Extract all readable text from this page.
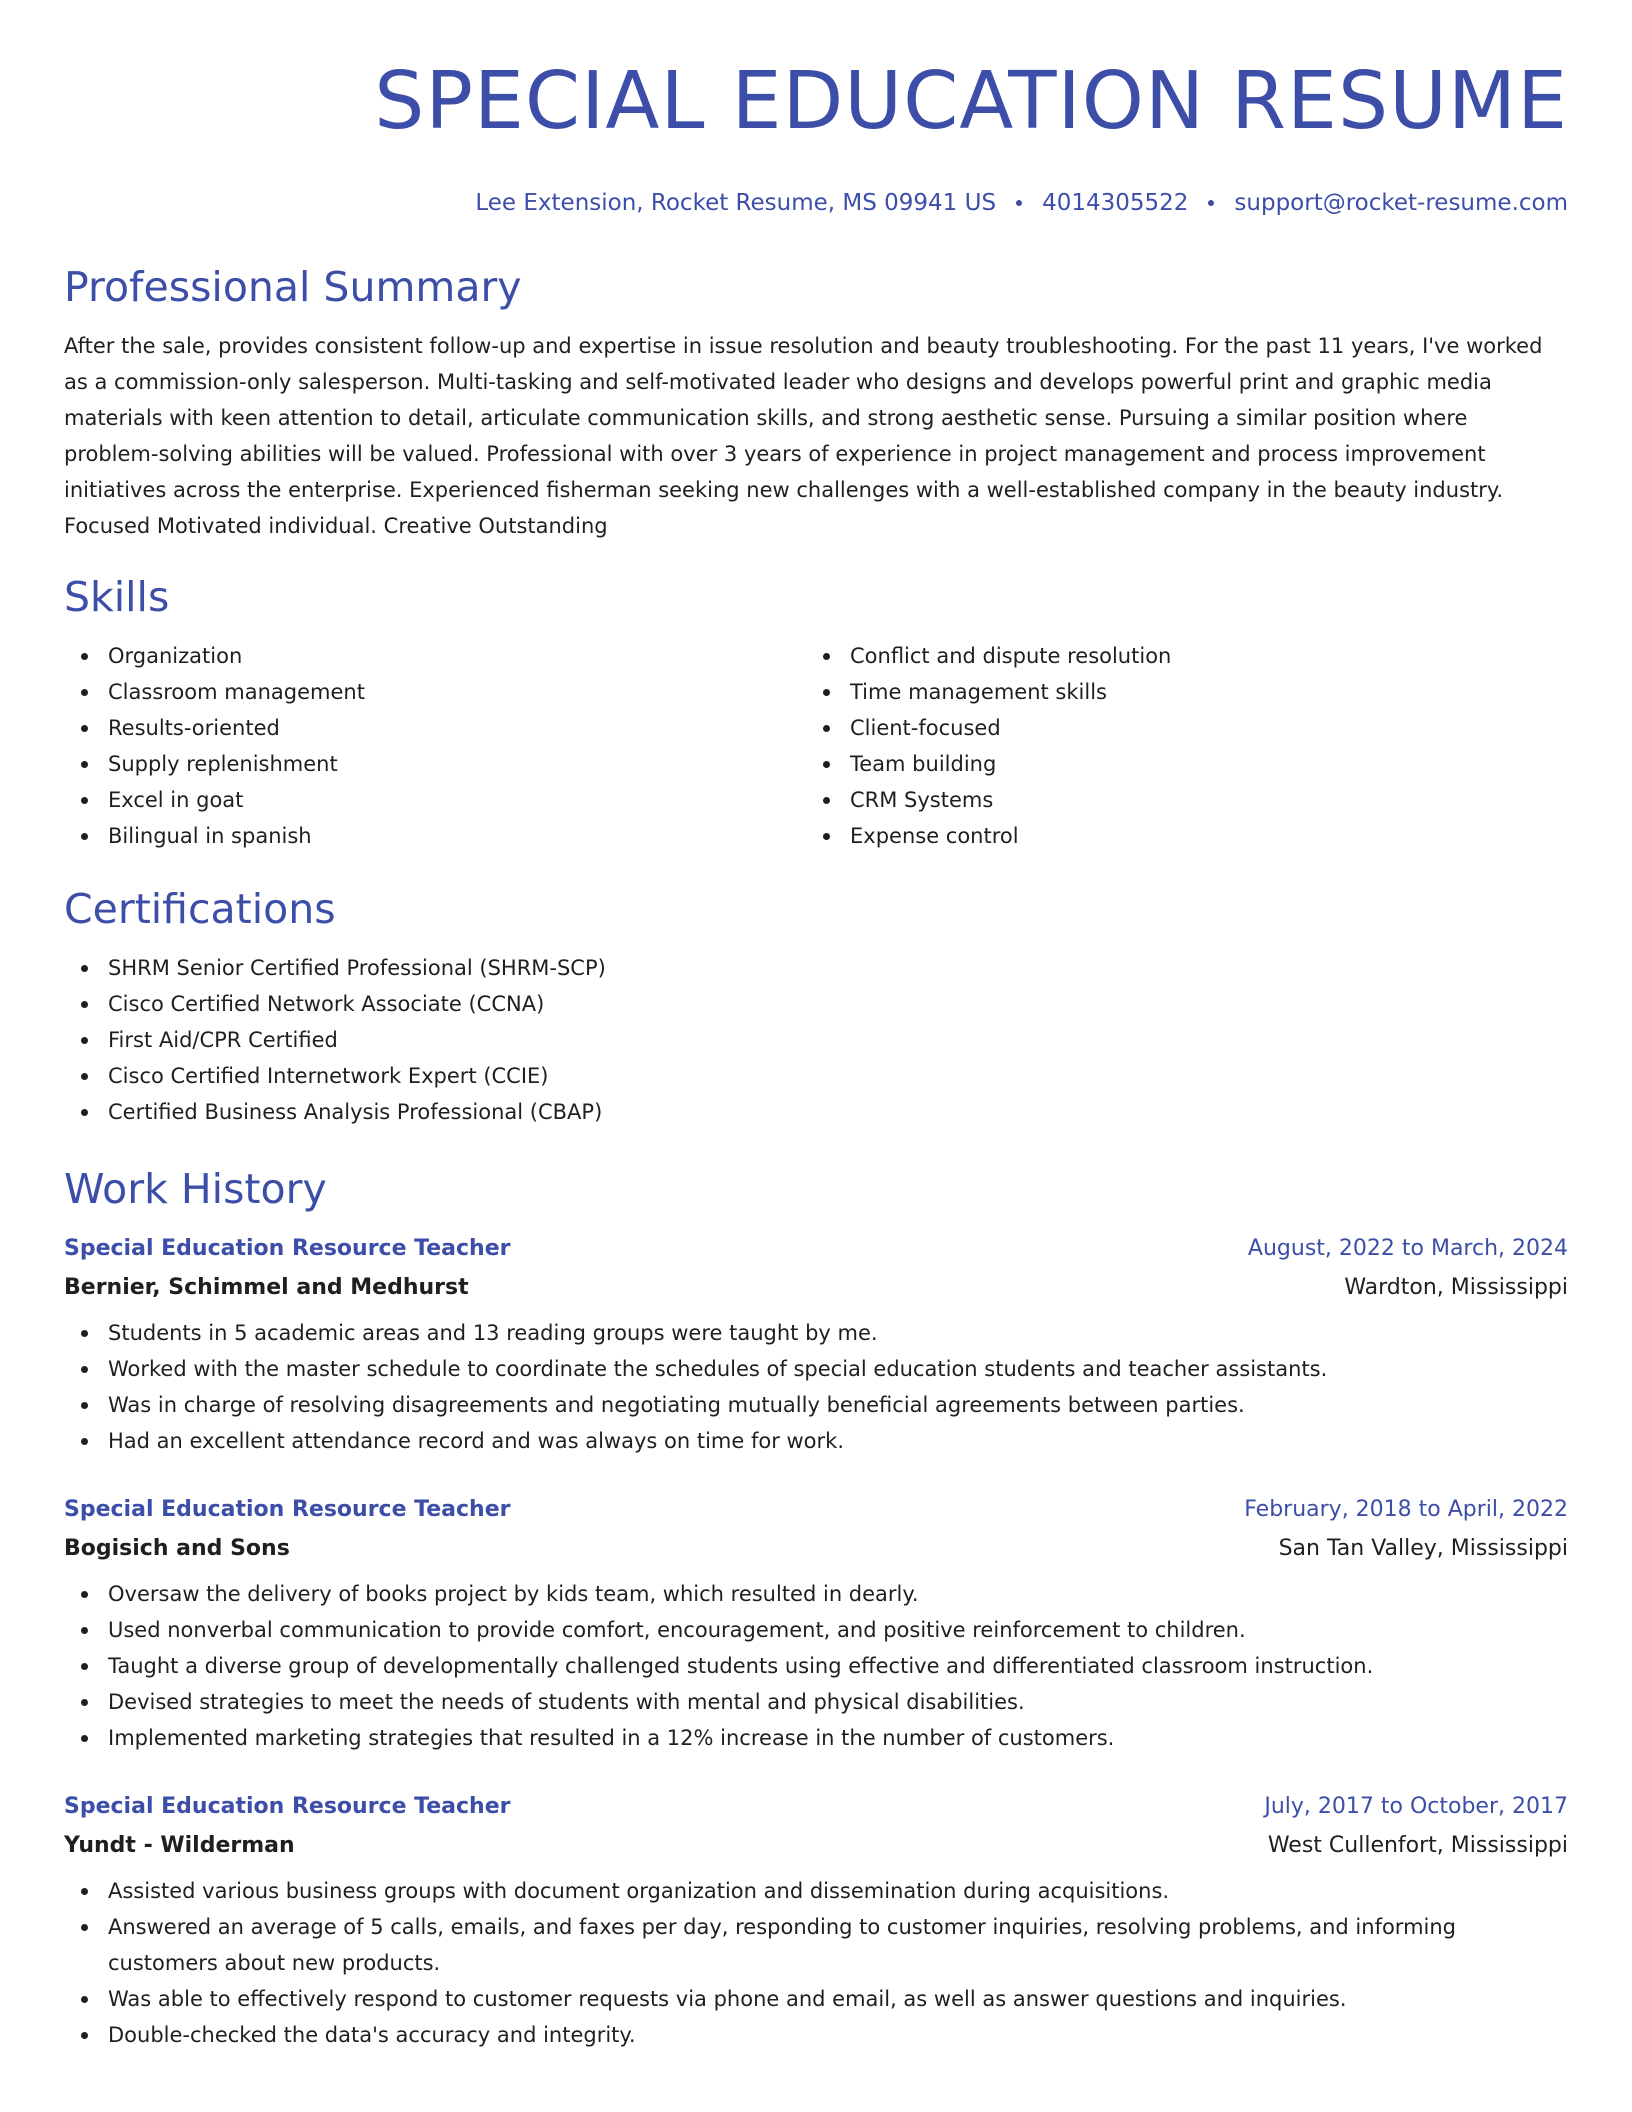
SPECIAL EDUCATION RESUME
Lee Extension, Rocket Resume, MS 09941 US 4014305522 support@rocket-resume.com
Professional Summary

After the sale, provides consistent follow-up and expertise in issue resolution and beauty troubleshooting. For the past 11 years, I've worked as a commission-only salesperson. Multi-tasking and self-motivated leader who designs and develops powerful print and graphic media materials with keen attention to detail, articulate communication skills, and strong aesthetic sense. Pursuing a similar position where problem-solving abilities will be valued. Professional with over 3 years of experience in project management and process improvement initiatives across the enterprise. Experienced fisherman seeking new challenges with a well-established company in the beauty industry. Focused Motivated individual. Creative Outstanding

Skills
Organization
Classroom management
Results-oriented
Supply replenishment
Excel in goat
Bilingual in spanish
Conflict and dispute resolution
Time management skills
Client-focused
Team building
CRM Systems
Expense control
Certifications
SHRM Senior Certified Professional (SHRM-SCP)
Cisco Certified Network Associate (CCNA)
First Aid/CPR Certified
Cisco Certified Internetwork Expert (CCIE)
Certified Business Analysis Professional (CBAP)
Work History
Special Education Resource Teacher	August, 2022 to March, 2024
Bernier, Schimmel and Medhurst	Wardton, Mississippi
Students in 5 academic areas and 13 reading groups were taught by me.
Worked with the master schedule to coordinate the schedules of special education students and teacher assistants.
Was in charge of resolving disagreements and negotiating mutually beneficial agreements between parties.
Had an excellent attendance record and was always on time for work.
Special Education Resource Teacher	February, 2018 to April, 2022
Bogisich and Sons	San Tan Valley, Mississippi
Oversaw the delivery of books project by kids team, which resulted in dearly.
Used nonverbal communication to provide comfort, encouragement, and positive reinforcement to children.
Taught a diverse group of developmentally challenged students using effective and differentiated classroom instruction.
Devised strategies to meet the needs of students with mental and physical disabilities.
Implemented marketing strategies that resulted in a 12% increase in the number of customers.
Special Education Resource Teacher	July, 2017 to October, 2017
Yundt - Wilderman	West Cullenfort, Mississippi
Assisted various business groups with document organization and dissemination during acquisitions.
Answered an average of 5 calls, emails, and faxes per day, responding to customer inquiries, resolving problems, and informing customers about new products.
Was able to effectively respond to customer requests via phone and email, as well as answer questions and inquiries.
Double-checked the data's accuracy and integrity.
